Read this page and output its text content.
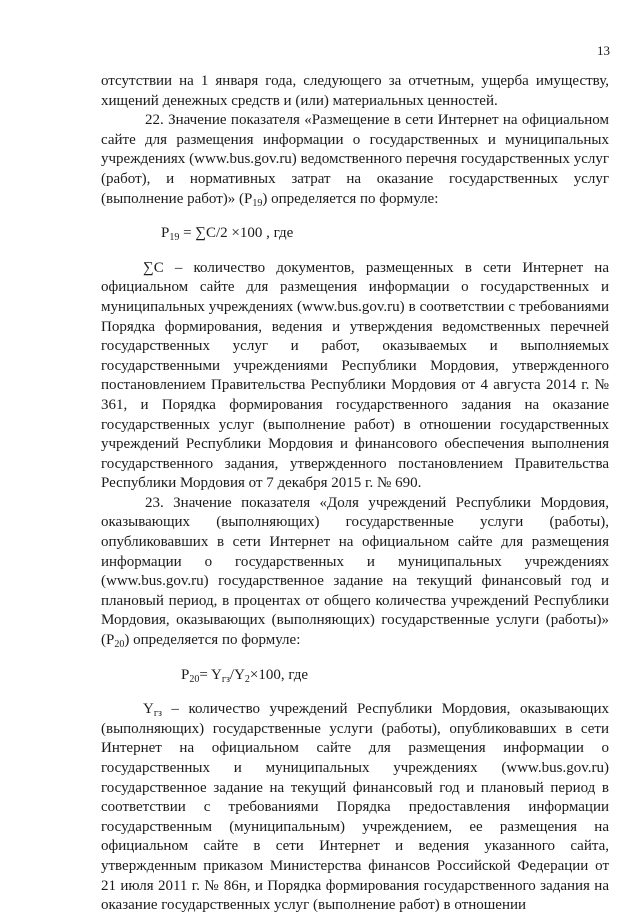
13

отсутствии на 1 января года, следующего за отчетным, ущерба имуществу, хищений денежных средств и (или) материальных ценностей.

22. Значение показателя «Размещение в сети Интернет на официальном сайте для размещения информации о государственных и муниципальных учреждениях (www.bus.gov.ru) ведомственного перечня государственных услуг (работ), и нормативных затрат на оказание государственных услуг (выполнение работ)» $(P_{19})$ определяется по формуле:

$P_{19} = \sum С/2 \times 100$ , где

∑С – количество документов, размещенных в сети Интернет на официальном сайте для размещения информации о государственных и муниципальных учреждениях (www.bus.gov.ru) в соответствии с требованиями Порядка формирования, ведения и утверждения ведомственных перечней государственных услуг и работ, оказываемых и выполняемых государственными учреждениями Республики Мордовия, утвержденного постановлением Правительства Республики Мордовия от 4 августа 2014 г. № 361, и Порядка формирования государственного задания на оказание государственных услуг (выполнение работ) в отношении государственных учреждений Республики Мордовия и финансового обеспечения выполнения государственного задания, утвержденного постановлением Правительства Республики Мордовия от 7 декабря 2015 г. № 690.

23. Значение показателя «Доля учреждений Республики Мордовия, оказывающих (выполняющих) государственные услуги (работы), опубликовавших в сети Интернет на официальном сайте для размещения информации о государственных и муниципальных учреждениях (www.bus.gov.ru) государственное задание на текущий финансовый год и плановый период, в процентах от общего количества учреждений Республики Мордовия, оказывающих (выполняющих) государственные услуги (работы)» $(P_{20})$ определяется по формуле:

$P_{20}= Y_{гз}/Y_2\times 100$, где

$Y_{гз}$ – количество учреждений Республики Мордовия, оказывающих (выполняющих) государственные услуги (работы), опубликовавших в сети Интернет на официальном сайте для размещения информации о государственных и муниципальных учреждениях (www.bus.gov.ru) государственное задание на текущий финансовый год и плановый период в соответствии с требованиями Порядка предоставления информации государственным (муниципальным) учреждением, ее размещения на официальном сайте в сети Интернет и ведения указанного сайта, утвержденным приказом Министерства финансов Российской Федерации от 21 июля 2011 г. № 86н, и Порядка формирования государственного задания на оказание государственных услуг (выполнение работ) в отношении
